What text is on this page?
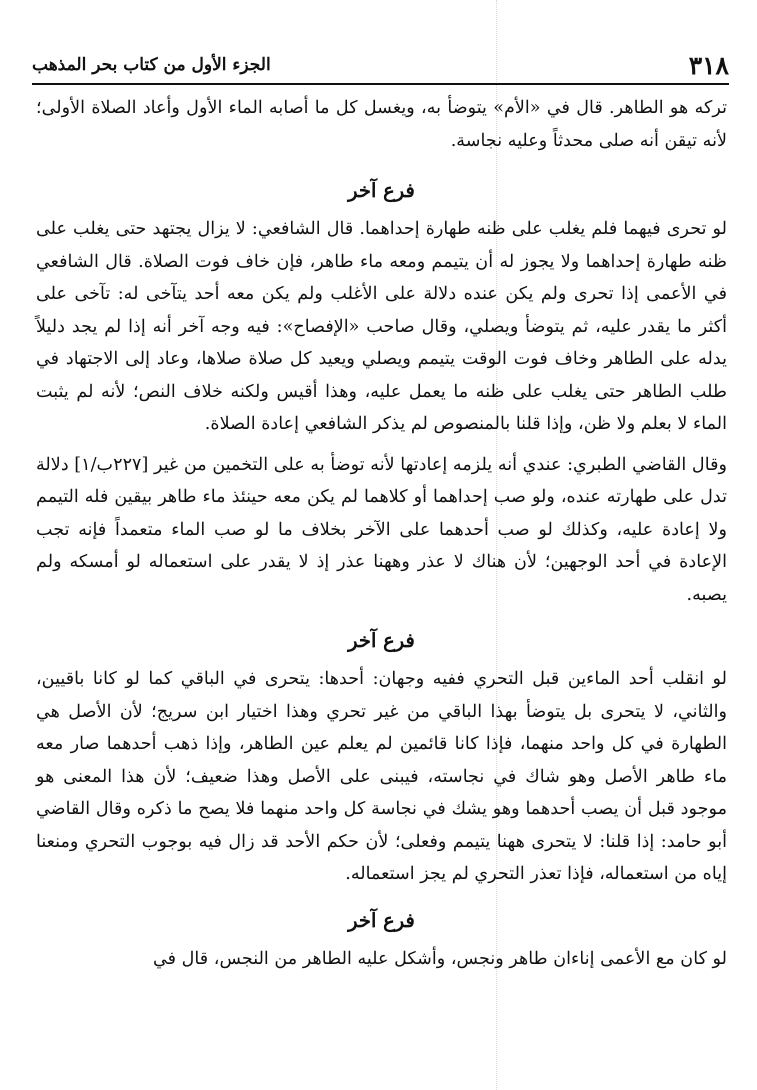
٣١٨
الجزء الأول من كتاب بحر المذهب

تركه هو الطاهر. قال في «الأم» يتوضأ به، ويغسل كل ما أصابه الماء الأول وأعاد الصلاة الأولى؛ لأنه تيقن أنه صلى محدثاً وعليه نجاسة.

فرع آخر

لو تحرى فيهما فلم يغلب على ظنه طهارة إحداهما. قال الشافعي: لا يزال يجتهد حتى يغلب على ظنه طهارة إحداهما ولا يجوز له أن يتيمم ومعه ماء طاهر، فإن خاف فوت الصلاة. قال الشافعي في الأعمى إذا تحرى ولم يكن عنده دلالة على الأغلب ولم يكن معه أحد يتآخى له: تآخى على أكثر ما يقدر عليه، ثم يتوضأ ويصلي، وقال صاحب «الإفصاح»: فيه وجه آخر أنه إذا لم يجد دليلاً يدله على الطاهر وخاف فوت الوقت يتيمم ويصلي ويعيد كل صلاة صلاها، وعاد إلى الاجتهاد في طلب الطاهر حتى يغلب على ظنه ما يعمل عليه، وهذا أقيس ولكنه خلاف النص؛ لأنه لم يثبت الماء لا بعلم ولا ظن، وإذا قلنا بالمنصوص لم يذكر الشافعي إعادة الصلاة.

وقال القاضي الطبري: عندي أنه يلزمه إعادتها لأنه توضأ به على التخمين من غير [٢٢٧ب/١] دلالة تدل على طهارته عنده، ولو صب إحداهما أو كلاهما لم يكن معه حينئذ ماء طاهر بيقين فله التيمم ولا إعادة عليه، وكذلك لو صب أحدهما على الآخر بخلاف ما لو صب الماء متعمداً فإنه تجب الإعادة في أحد الوجهين؛ لأن هناك لا عذر وههنا عذر إذ لا يقدر على استعماله لو أمسكه ولم يصبه.

فرع آخر

لو انقلب أحد الماءين قبل التحري ففيه وجهان: أحدها: يتحرى في الباقي كما لو كانا باقيين، والثاني، لا يتحرى بل يتوضأ بهذا الباقي من غير تحري وهذا اختيار ابن سريج؛ لأن الأصل هي الطهارة في كل واحد منهما، فإذا كانا قائمين لم يعلم عين الطاهر، وإذا ذهب أحدهما صار معه ماء طاهر الأصل وهو شاك في نجاسته، فيبنى على الأصل وهذا ضعيف؛ لأن هذا المعنى هو موجود قبل أن يصب أحدهما وهو يشك في نجاسة كل واحد منهما فلا يصح ما ذكره وقال القاضي أبو حامد: إذا قلنا: لا يتحرى ههنا يتيمم وفعلى؛ لأن حكم الأحد قد زال فيه بوجوب التحري ومنعنا إياه من استعماله، فإذا تعذر التحري لم يجز استعماله.

فرع آخر

لو كان مع الأعمى إناءان طاهر ونجس، وأشكل عليه الطاهر من النجس، قال في
